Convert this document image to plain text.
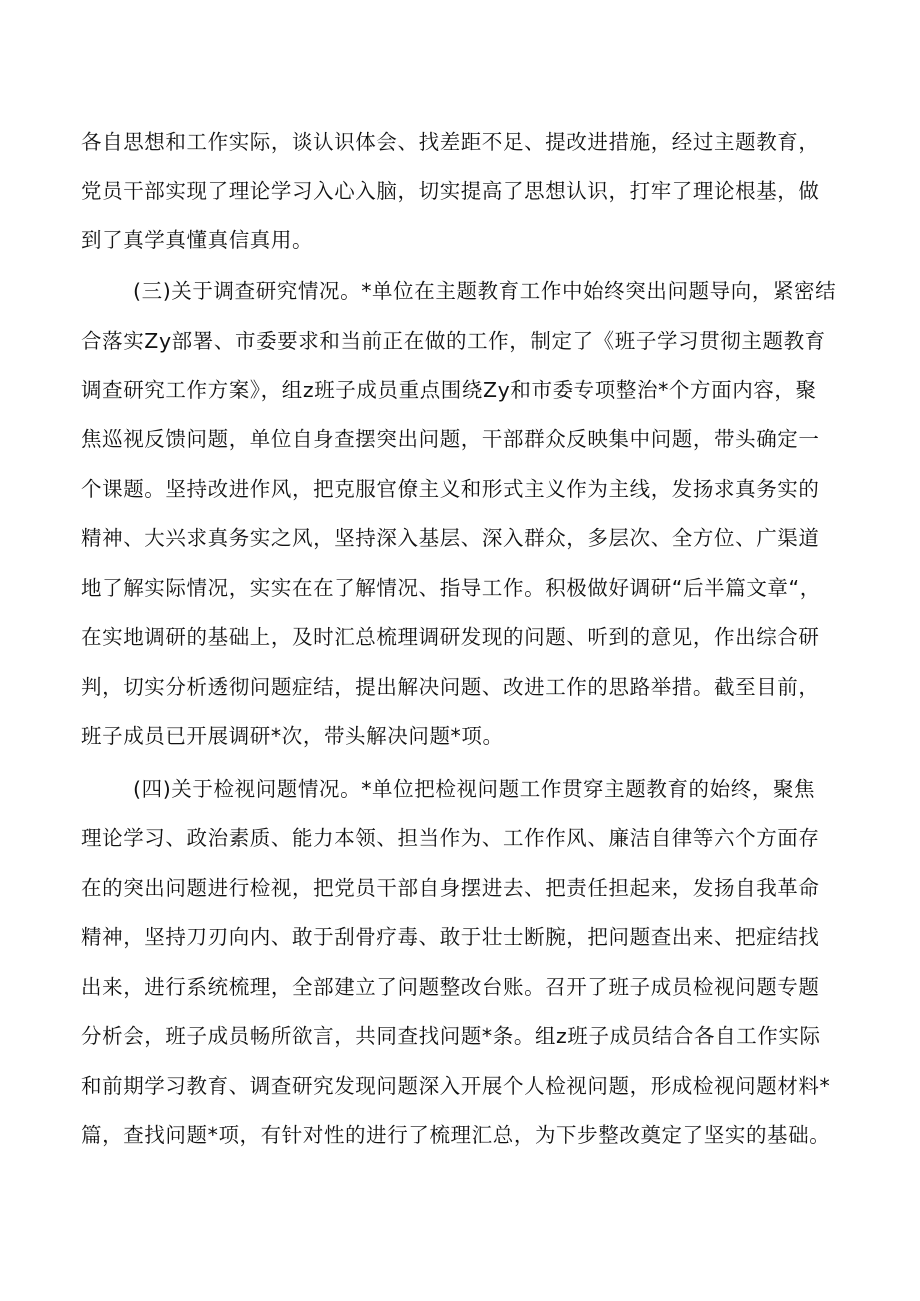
各自思想和工作实际，谈认识体会、找差距不足、提改进措施，经过主题教育，
党员干部实现了理论学习入心入脑，切实提高了思想认识，打牢了理论根基，做
到了真学真懂真信真用。
(三)关于调查研究情况。*单位在主题教育工作中始终突出问题导向，紧密结
合落实Zy部署、市委要求和当前正在做的工作，制定了《班子学习贯彻主题教育
调查研究工作方案》，组z班子成员重点围绕Zy和市委专项整治*个方面内容，聚
焦巡视反馈问题，单位自身查摆突出问题，干部群众反映集中问题，带头确定一
个课题。坚持改进作风，把克服官僚主义和形式主义作为主线，发扬求真务实的
精神、大兴求真务实之风，坚持深入基层、深入群众，多层次、全方位、广渠道
地了解实际情况，实实在在了解情况、指导工作。积极做好调研“后半篇文章“，
在实地调研的基础上，及时汇总梳理调研发现的问题、听到的意见，作出综合研
判，切实分析透彻问题症结，提出解决问题、改进工作的思路举措。截至目前，
班子成员已开展调研*次，带头解决问题*项。
(四)关于检视问题情况。*单位把检视问题工作贯穿主题教育的始终，聚焦
理论学习、政治素质、能力本领、担当作为、工作作风、廉洁自律等六个方面存
在的突出问题进行检视，把党员干部自身摆进去、把责任担起来，发扬自我革命
精神，坚持刀刃向内、敢于刮骨疗毒、敢于壮士断腕，把问题查出来、把症结找
出来，进行系统梳理，全部建立了问题整改台账。召开了班子成员检视问题专题
分析会，班子成员畅所欲言，共同查找问题*条。组z班子成员结合各自工作实际
和前期学习教育、调查研究发现问题深入开展个人检视问题，形成检视问题材料*
篇，查找问题*项，有针对性的进行了梳理汇总，为下步整改奠定了坚实的基础。
